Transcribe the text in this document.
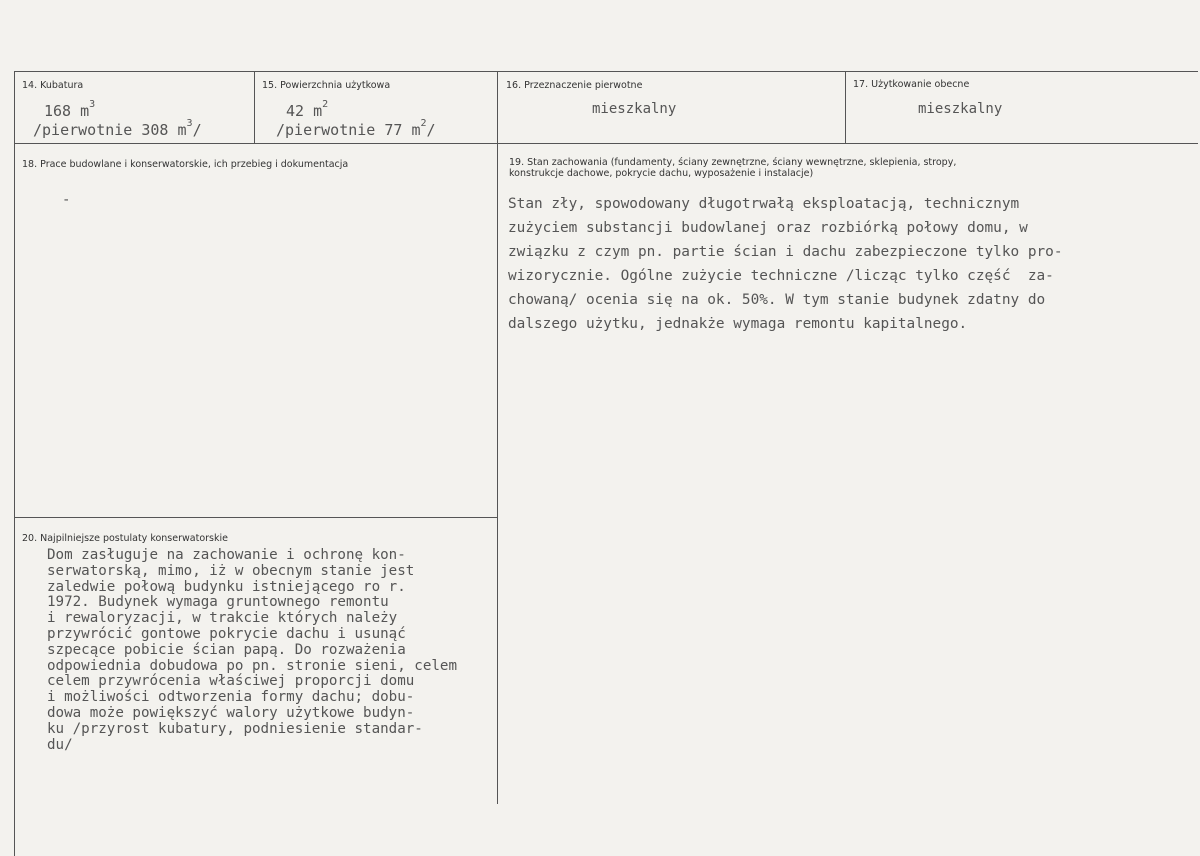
14. Kubatura
168 $m^3$
/pierwotnie 308 $m^3/$
15. Powierzchnia użytkowa
42 $m^2$
/pierwotnie 77 $m^2/$
16. Przeznaczenie pierwotne
mieszkalny
17. Użytkowanie obecne
mieszkalny
18. Prace budowlane i konserwatorskie, ich przebieg i dokumentacja
-
19. Stan zachowania (fundamenty, ściany zewnętrzne, ściany wewnętrzne, sklepienia, stropy,
konstrukcje dachowe, pokrycie dachu, wyposażenie i instalacje)
Stan zły, spowodowany długotrwałą eksploatacją, technicznym
zużyciem substancji budowlanej oraz rozbiórką połowy domu, w
związku z czym pn. partie ścian i dachu zabezpieczone tylko pro-
wizorycznie. Ogólne zużycie techniczne /licząc tylko część  za-
chowaną/ ocenia się na ok. 50%. W tym stanie budynek zdatny do
dalszego użytku, jednakże wymaga remontu kapitalnego.
20. Najpilniejsze postulaty konserwatorskie
Dom zasługuje na zachowanie i ochronę kon-
serwatorską, mimo, iż w obecnym stanie jest
zaledwie połową budynku istniejącego ro r.
1972. Budynek wymaga gruntownego remontu
i rewaloryzacji, w trakcie których należy
przywrócić gontowe pokrycie dachu i usunąć
szpecące pobicie ścian papą. Do rozważenia
odpowiednia dobudowa po pn. stronie sieni, celem
celem przywrócenia właściwej proporcji domu
i możliwości odtworzenia formy dachu; dobu-
dowa może powiększyć walory użytkowe budyn-
ku /przyrost kubatury, podniesienie standar-
du/
